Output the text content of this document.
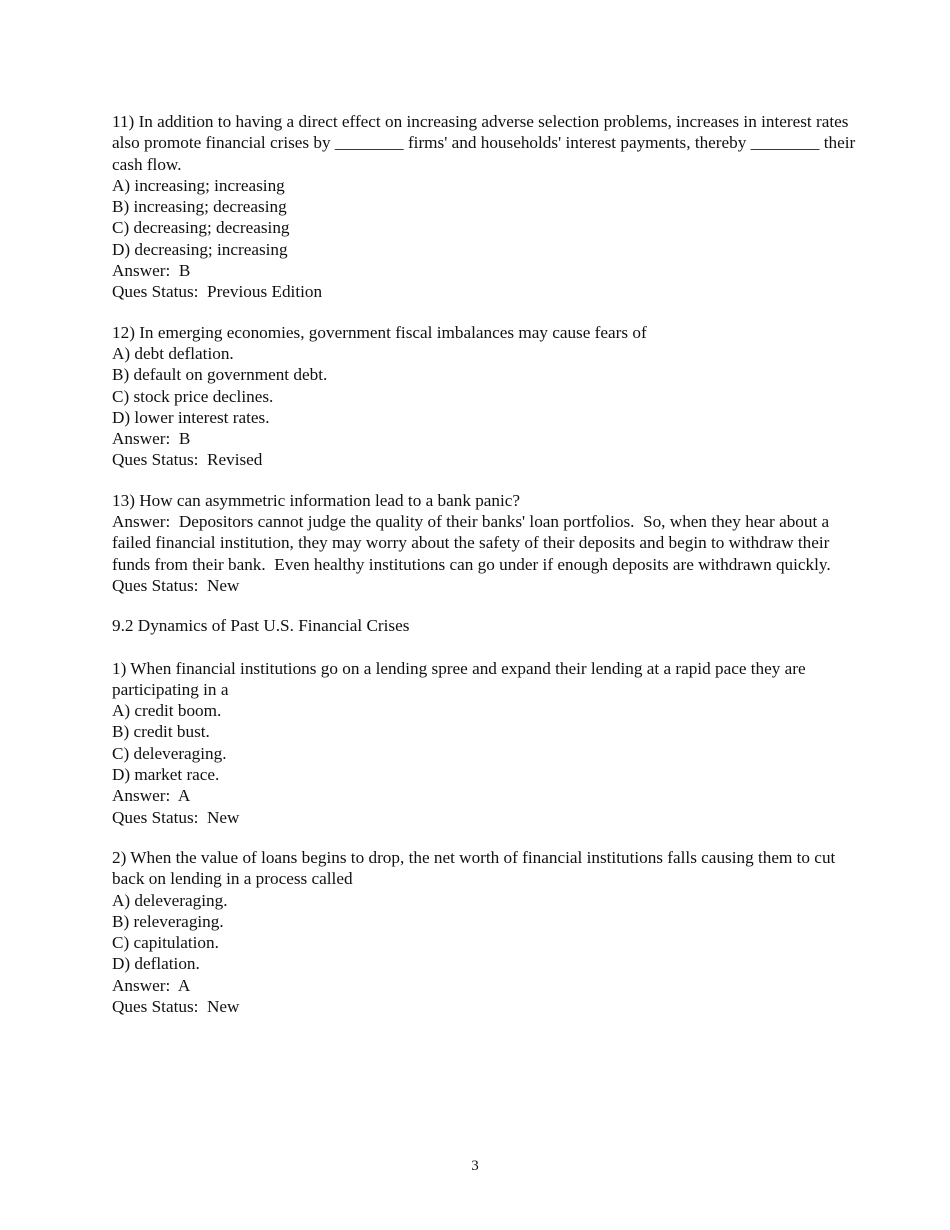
11) In addition to having a direct effect on increasing adverse selection problems, increases in interest rates also promote financial crises by ________ firms' and households' interest payments, thereby ________ their cash flow.
A) increasing; increasing
B) increasing; decreasing
C) decreasing; decreasing
D) decreasing; increasing
Answer:  B
Ques Status:  Previous Edition
12) In emerging economies, government fiscal imbalances may cause fears of
A) debt deflation.
B) default on government debt.
C) stock price declines.
D) lower interest rates.
Answer:  B
Ques Status:  Revised
13) How can asymmetric information lead to a bank panic?
Answer:  Depositors cannot judge the quality of their banks' loan portfolios.  So, when they hear about a failed financial institution, they may worry about the safety of their deposits and begin to withdraw their funds from their bank.  Even healthy institutions can go under if enough deposits are withdrawn quickly.
Ques Status:  New
9.2 Dynamics of Past U.S. Financial Crises
1) When financial institutions go on a lending spree and expand their lending at a rapid pace they are participating in a
A) credit boom.
B) credit bust.
C) deleveraging.
D) market race.
Answer:  A
Ques Status:  New
2) When the value of loans begins to drop, the net worth of financial institutions falls causing them to cut back on lending in a process called
A) deleveraging.
B) releveraging.
C) capitulation.
D) deflation.
Answer:  A
Ques Status:  New
3
